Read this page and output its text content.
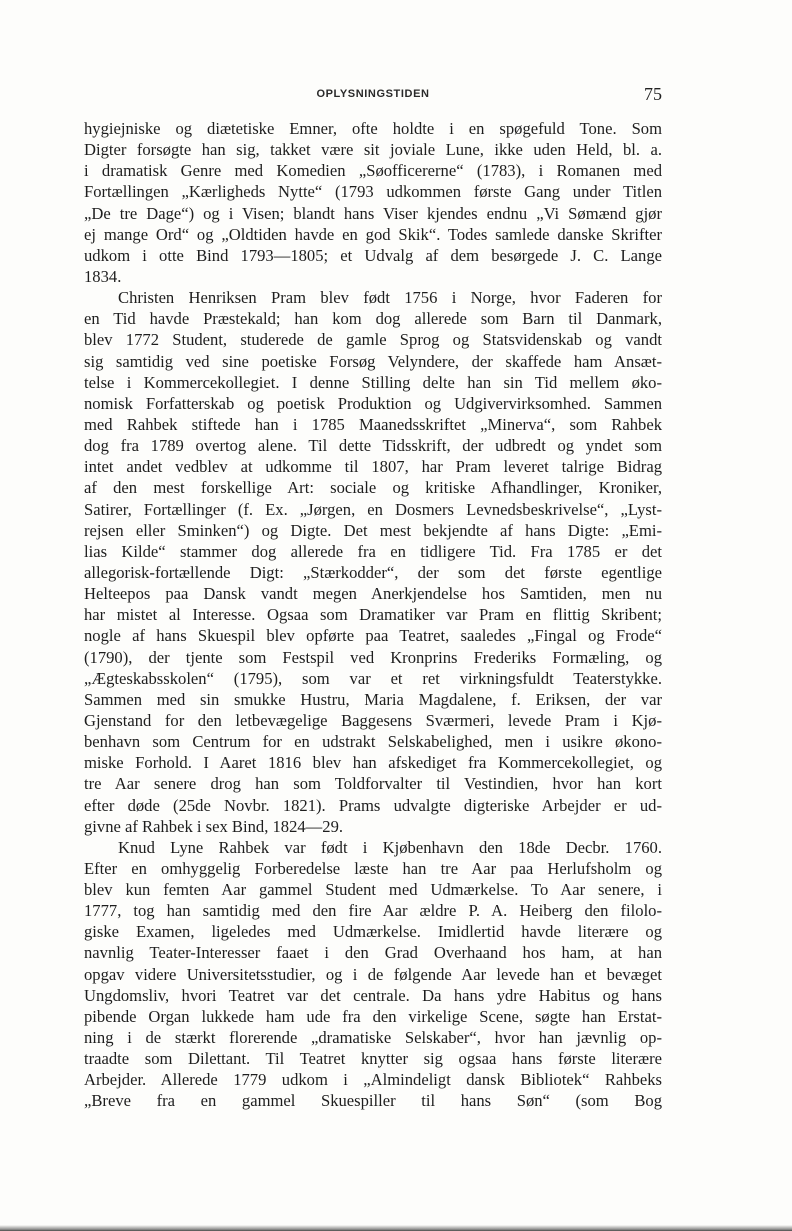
OPLYSNINGSTIDEN	75
hygiejniske og diætetiske Emner, ofte holdte i en spøgefuld Tone. Som
Digter forsøgte han sig, takket være sit joviale Lune, ikke uden Held, bl. a.
i dramatisk Genre med Komedien „Søofficererne“ (1783), i Romanen med
Fortællingen „Kærligheds Nytte“ (1793 udkommen første Gang under Titlen
„De tre Dage“) og i Visen; blandt hans Viser kjendes endnu „Vi Sømænd gjør
ej mange Ord“ og „Oldtiden havde en god Skik“. Todes samlede danske Skrifter
udkom i otte Bind 1793—1805; et Udvalg af dem besørgede J. C. Lange
1834.
Christen Henriksen Pram blev født 1756 i Norge, hvor Faderen for
en Tid havde Præstekald; han kom dog allerede som Barn til Danmark,
blev 1772 Student, studerede de gamle Sprog og Statsvidenskab og vandt
sig samtidig ved sine poetiske Forsøg Velyndere, der skaffede ham Ansæt-
telse i Kommercekollegiet. I denne Stilling delte han sin Tid mellem øko-
nomisk Forfatterskab og poetisk Produktion og Udgivervirksomhed. Sammen
med Rahbek stiftede han i 1785 Maanedsskriftet „Minerva“, som Rahbek
dog fra 1789 overtog alene. Til dette Tidsskrift, der udbredt og yndet som
intet andet vedblev at udkomme til 1807, har Pram leveret talrige Bidrag
af den mest forskellige Art: sociale og kritiske Afhandlinger, Kroniker,
Satirer, Fortællinger (f. Ex. „Jørgen, en Dosmers Levnedsbeskrivelse“, „Lyst-
rejsen eller Sminken“) og Digte. Det mest bekjendte af hans Digte: „Emi-
lias Kilde“ stammer dog allerede fra en tidligere Tid. Fra 1785 er det
allegorisk-fortællende Digt: „Stærkodder“, der som det første egentlige
Helteepos paa Dansk vandt megen Anerkjendelse hos Samtiden, men nu
har mistet al Interesse. Ogsaa som Dramatiker var Pram en flittig Skribent;
nogle af hans Skuespil blev opførte paa Teatret, saaledes „Fingal og Frode“
(1790), der tjente som Festspil ved Kronprins Frederiks Formæling, og
„Ægteskabsskolen“ (1795), som var et ret virkningsfuldt Teaterstykke.
Sammen med sin smukke Hustru, Maria Magdalene, f. Eriksen, der var
Gjenstand for den letbevægelige Baggesens Sværmeri, levede Pram i Kjø-
benhavn som Centrum for en udstrakt Selskabelighed, men i usikre økono-
miske Forhold. I Aaret 1816 blev han afskediget fra Kommercekollegiet, og
tre Aar senere drog han som Toldforvalter til Vestindien, hvor han kort
efter døde (25de Novbr. 1821). Prams udvalgte digteriske Arbejder er ud-
givne af Rahbek i sex Bind, 1824—29.
Knud Lyne Rahbek var født i Kjøbenhavn den 18de Decbr. 1760.
Efter en omhyggelig Forberedelse læste han tre Aar paa Herlufsholm og
blev kun femten Aar gammel Student med Udmærkelse. To Aar senere, i
1777, tog han samtidig med den fire Aar ældre P. A. Heiberg den filolo-
giske Examen, ligeledes med Udmærkelse. Imidlertid havde literære og
navnlig Teater-Interesser faaet i den Grad Overhaand hos ham, at han
opgav videre Universitetsstudier, og i de følgende Aar levede han et bevæget
Ungdomsliv, hvori Teatret var det centrale. Da hans ydre Habitus og hans
pibende Organ lukkede ham ude fra den virkelige Scene, søgte han Erstat-
ning i de stærkt florerende „dramatiske Selskaber“, hvor han jævnlig op-
traadte som Dilettant. Til Teatret knytter sig ogsaa hans første literære
Arbejder. Allerede 1779 udkom i „Almindeligt dansk Bibliotek“ Rahbeks
„Breve fra en gammel Skuespiller til hans Søn“ (som Bog
